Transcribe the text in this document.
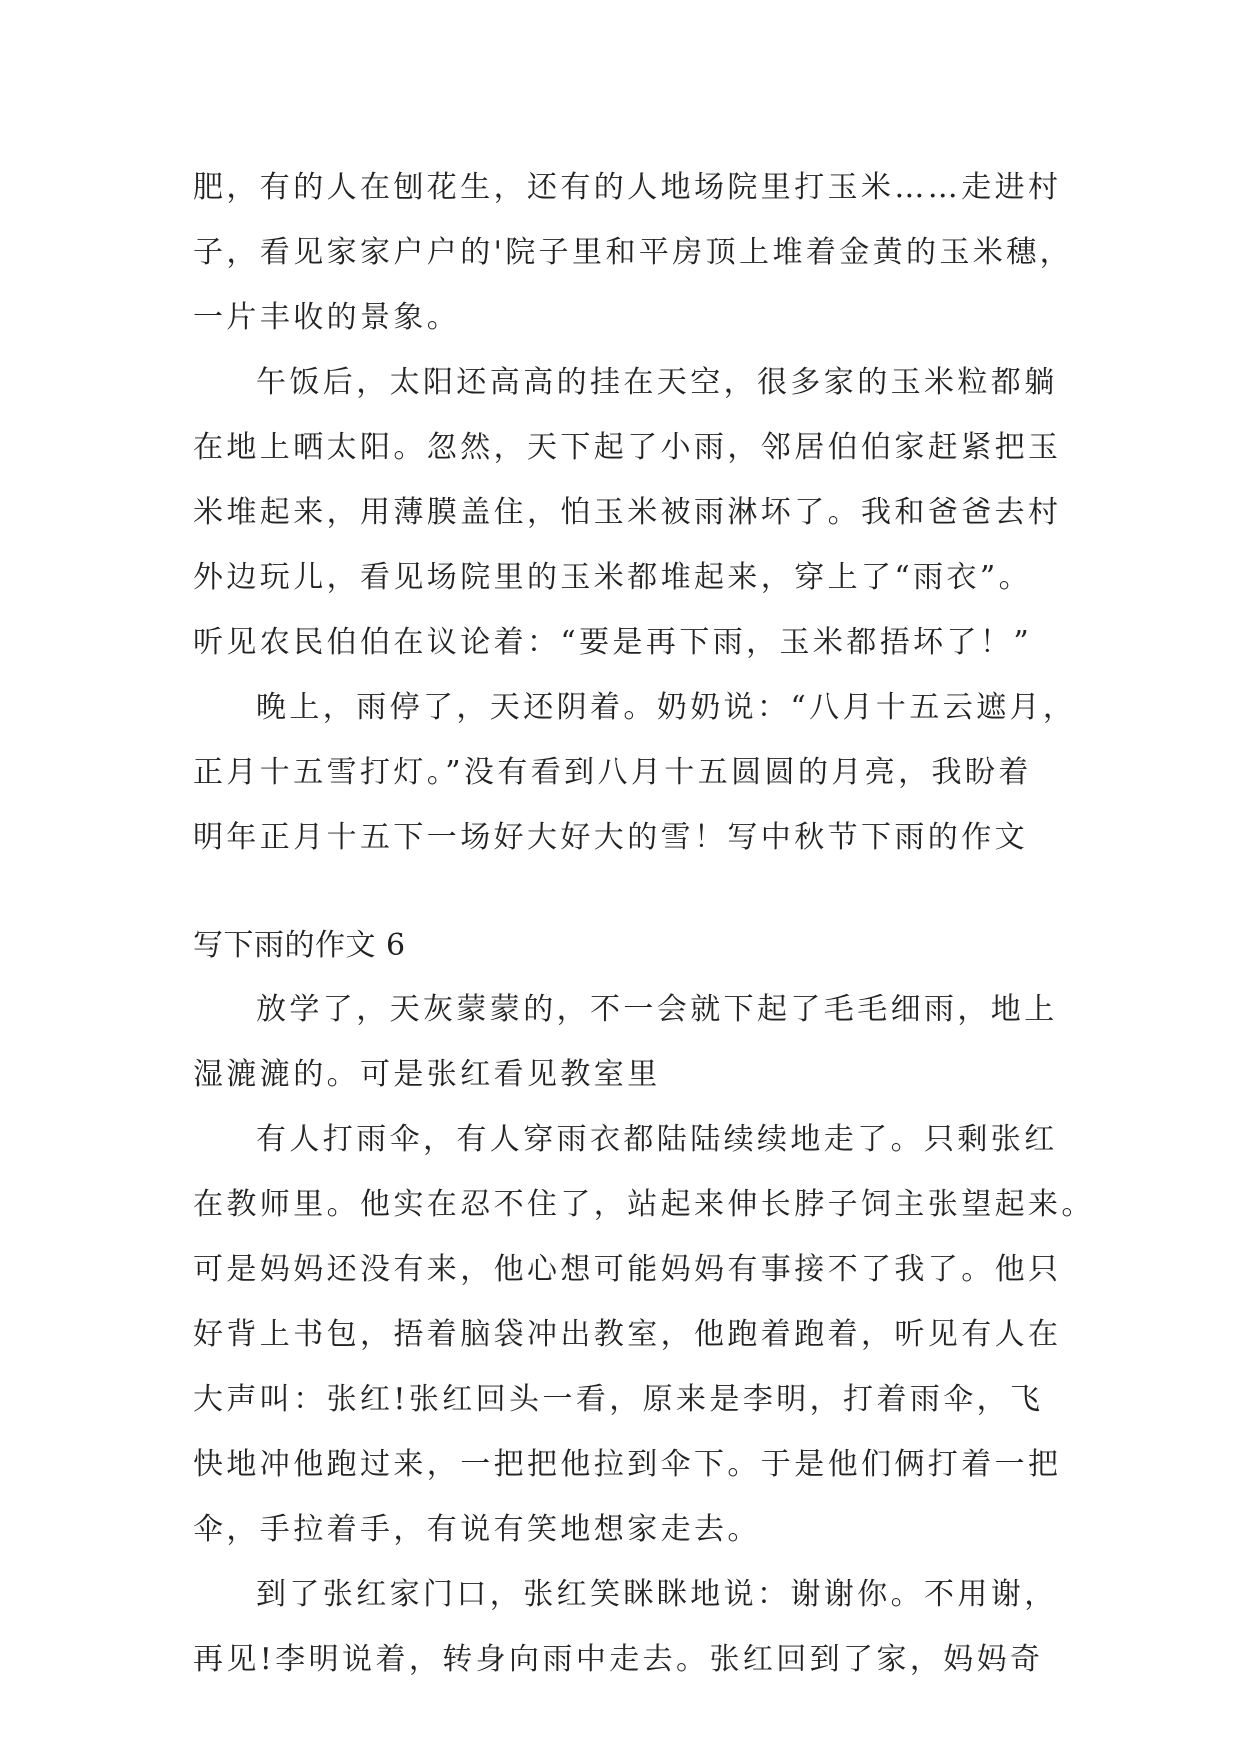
肥，有的人在刨花生，还有的人地场院里打玉米……走进村

子，看见家家户户的'院子里和平房顶上堆着金黄的玉米穗，

一片丰收的景象。

午饭后，太阳还高高的挂在天空，很多家的玉米粒都躺

在地上晒太阳。忽然，天下起了小雨，邻居伯伯家赶紧把玉

米堆起来，用薄膜盖住，怕玉米被雨淋坏了。我和爸爸去村

外边玩儿，看见场院里的玉米都堆起来，穿上了“雨衣”。

听见农民伯伯在议论着：“要是再下雨，玉米都捂坏了！”

晚上，雨停了，天还阴着。奶奶说：“八月十五云遮月，

正月十五雪打灯。”没有看到八月十五圆圆的月亮，我盼着

明年正月十五下一场好大好大的雪！写中秋节下雨的作文

写下雨的作文 6

放学了，天灰蒙蒙的，不一会就下起了毛毛细雨，地上

湿漉漉的。可是张红看见教室里

有人打雨伞，有人穿雨衣都陆陆续续地走了。只剩张红

在教师里。他实在忍不住了，站起来伸长脖子饲主张望起来。

可是妈妈还没有来，他心想可能妈妈有事接不了我了。他只

好背上书包，捂着脑袋冲出教室，他跑着跑着，听见有人在

大声叫：张红!张红回头一看，原来是李明，打着雨伞，飞

快地冲他跑过来，一把把他拉到伞下。于是他们俩打着一把

伞，手拉着手，有说有笑地想家走去。

到了张红家门口，张红笑眯眯地说：谢谢你。不用谢，

再见!李明说着，转身向雨中走去。张红回到了家，妈妈奇
